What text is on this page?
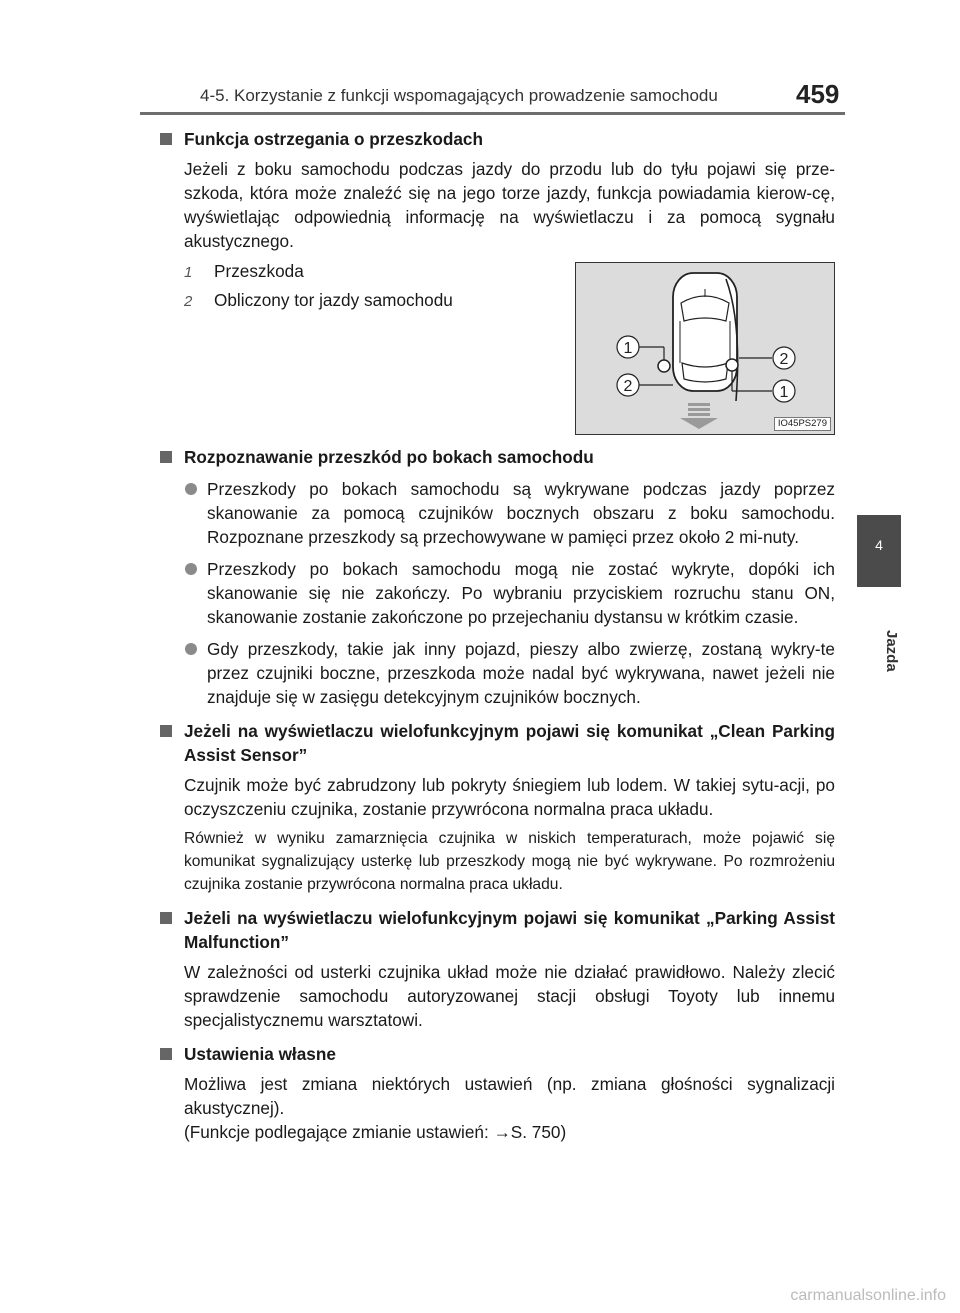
4-5. Korzystanie z funkcji wspomagających prowadzenie samochodu	459
4
Jazda
Funkcja ostrzegania o przeszkodach
Jeżeli z boku samochodu podczas jazdy do przodu lub do tyłu pojawi się prze-szkoda, która może znaleźć się na jego torze jazdy, funkcja powiadamia kierow-cę, wyświetlając odpowiednią informację na wyświetlaczu i za pomocą sygnału akustycznego.
1 Przeszkoda
2 Obliczony tor jazdy samochodu
1
2
2
1
IO45PS279
Rozpoznawanie przeszkód po bokach samochodu
Przeszkody po bokach samochodu są wykrywane podczas jazdy poprzez skanowanie za pomocą czujników bocznych obszaru z boku samochodu. Rozpoznane przeszkody są przechowywane w pamięci przez około 2 mi-nuty.
Przeszkody po bokach samochodu mogą nie zostać wykryte, dopóki ich skanowanie się nie zakończy. Po wybraniu przyciskiem rozruchu stanu ON, skanowanie zostanie zakończone po przejechaniu dystansu w krótkim czasie.
Gdy przeszkody, takie jak inny pojazd, pieszy albo zwierzę, zostaną wykry-te przez czujniki boczne, przeszkoda może nadal być wykrywana, nawet jeżeli nie znajduje się w zasięgu detekcyjnym czujników bocznych.
Jeżeli na wyświetlaczu wielofunkcyjnym pojawi się komunikat „Clean Parking Assist Sensor”
Czujnik może być zabrudzony lub pokryty śniegiem lub lodem. W takiej sytu-acji, po oczyszczeniu czujnika, zostanie przywrócona normalna praca układu.
Również w wyniku zamarznięcia czujnika w niskich temperaturach, może pojawić się komunikat sygnalizujący usterkę lub przeszkody mogą nie być wykrywane. Po rozmrożeniu czujnika zostanie przywrócona normalna praca układu.
Jeżeli na wyświetlaczu wielofunkcyjnym pojawi się komunikat „Parking Assist Malfunction”
W zależności od usterki czujnika układ może nie działać prawidłowo. Należy zlecić sprawdzenie samochodu autoryzowanej stacji obsługi Toyoty lub innemu specjalistycznemu warsztatowi.
Ustawienia własne
Możliwa jest zmiana niektórych ustawień (np. zmiana głośności sygnalizacji akustycznej).
(Funkcje podlegające zmianie ustawień: →S. 750)
carmanualsonline.info
